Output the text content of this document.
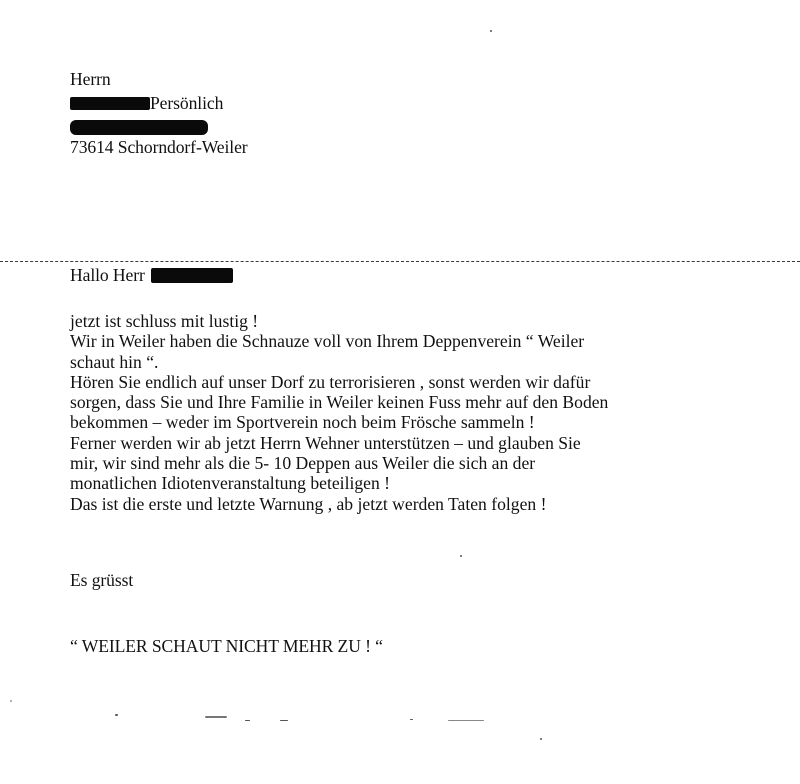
Herrn
Persönlich
73614 Schorndorf-Weiler
Hallo Herr
jetzt ist schluss mit lustig !
Wir in Weiler haben die Schnauze voll von Ihrem Deppenverein “ Weiler
schaut hin “.
Hören Sie endlich auf unser Dorf zu terrorisieren , sonst werden wir dafür
sorgen, dass Sie und Ihre Familie in Weiler keinen Fuss mehr auf den Boden
bekommen – weder im Sportverein noch beim Frösche sammeln !
Ferner werden wir ab jetzt Herrn Wehner unterstützen – und glauben Sie
mir, wir sind mehr als die 5- 10 Deppen aus Weiler die sich an der
monatlichen Idiotenveranstaltung beteiligen !
Das ist die erste und letzte Warnung , ab jetzt werden Taten folgen !
Es grüsst
“ WEILER SCHAUT NICHT MEHR ZU ! “
